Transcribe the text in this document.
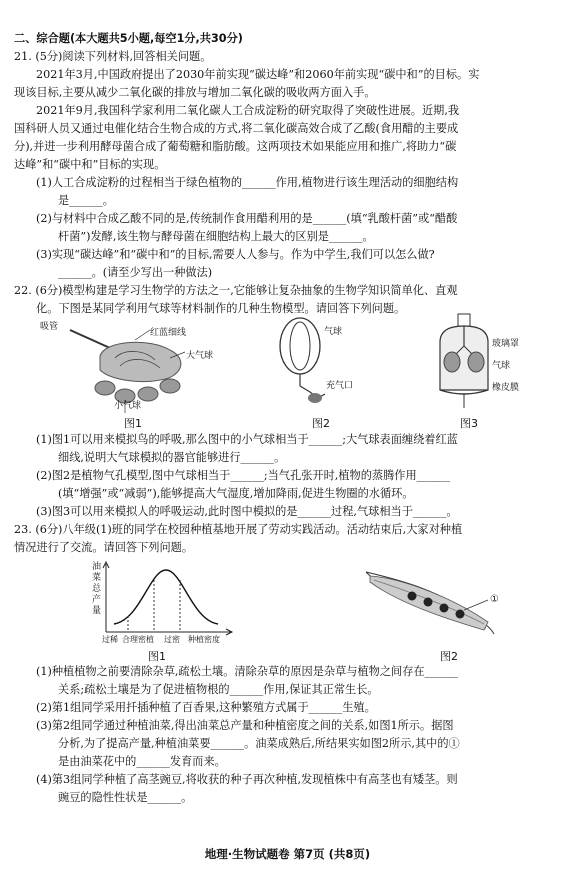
二、综合题(本大题共5小题,每空1分,共30分)
21. (5分)阅读下列材料,回答相关问题。
2021年3月,中国政府提出了2030年前实现“碳达峰”和2060年前实现“碳中和”的目标。实
现该目标,主要从减少二氧化碳的排放与增加二氧化碳的吸收两方面入手。
2021年9月,我国科学家利用二氧化碳人工合成淀粉的研究取得了突破性进展。近期,我
国科研人员又通过电催化结合生物合成的方式,将二氧化碳高效合成了乙酸(食用醋的主要成
分),并进一步利用酵母菌合成了葡萄糖和脂肪酸。这两项技术如果能应用和推广,将助力“碳
达峰”和“碳中和”目标的实现。
(1)人工合成淀粉的过程相当于绿色植物的______作用,植物进行该生理活动的细胞结构
是______。
(2)与材料中合成乙酸不同的是,传统制作食用醋利用的是______(填“乳酸杆菌”或“醋酸
杆菌”)发酵,该生物与酵母菌在细胞结构上最大的区别是______。
(3)实现“碳达峰”和“碳中和”的目标,需要人人参与。作为中学生,我们可以怎么做?
______。(请至少写出一种做法)
22. (6分)模型构建是学习生物学的方法之一,它能够让复杂抽象的生物学知识简单化、直观
化。下图是某同学利用气球等材料制作的几种生物模型。请回答下列问题。
吸管
红蓝细线
大气球
小气球
图1
气球
充气口
图2
玻璃罩
气球
橡皮膜
图3
(1)图1可以用来模拟鸟的呼吸,那么图中的小气球相当于______;大气球表面缠绕着红蓝
细线,说明大气球模拟的器官能够进行______。
(2)图2是植物气孔模型,图中气球相当于______;当气孔张开时,植物的蒸腾作用______
(填“增强”或“减弱”),能够提高大气湿度,增加降雨,促进生物圈的水循环。
(3)图3可以用来模拟人的呼吸运动,此时图中模拟的是______过程,气球相当于______。
23. (6分)八年级(1)班的同学在校园种植基地开展了劳动实践活动。活动结束后,大家对种植
情况进行了交流。请回答下列问题。
油菜总产量
过稀 合理密植 过密 种植密度
图1
①
图2
(1)种植植物之前要清除杂草,疏松土壤。清除杂草的原因是杂草与植物之间存在______
关系;疏松土壤是为了促进植物根的______作用,保证其正常生长。
(2)第1组同学采用扦插种植了百香果,这种繁殖方式属于______生殖。
(3)第2组同学通过种植油菜,得出油菜总产量和种植密度之间的关系,如图1所示。据图
分析,为了提高产量,种植油菜要______。油菜成熟后,所结果实如图2所示,其中的①
是由油菜花中的______发育而来。
(4)第3组同学种植了高茎豌豆,将收获的种子再次种植,发现植株中有高茎也有矮茎。则
豌豆的隐性性状是______。
地理·生物试题卷 第7页 (共8页)
